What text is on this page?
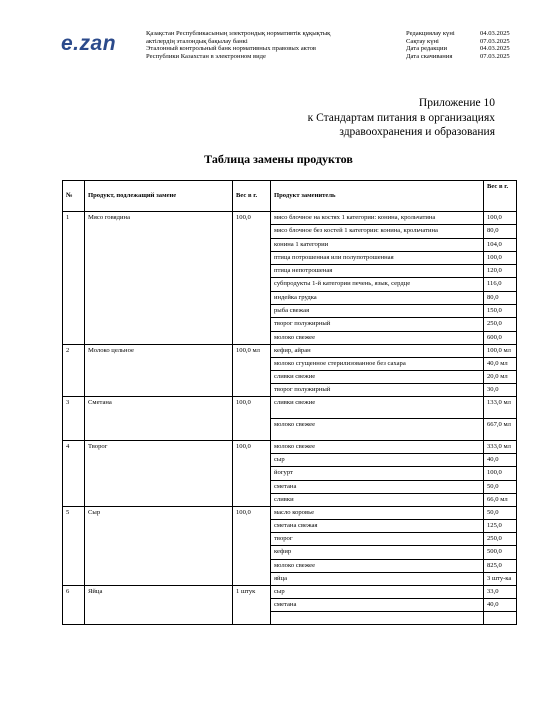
e.zan	Қазақстан Республикасының электрондық нормативтік құқықтық
актілердің эталондық бақылау банкі
Эталонный контрольный банк нормативных правовых актов
Республики Казахстан в электронном виде
Редакциялау күні	04.03.2025
Сақтау күні	07.03.2025
Дата редакции	04.03.2025
Дата скачивания	07.03.2025
Приложение 10
к Стандартам питания в организациях
здравоохранения и образования
Таблица замены продуктов
№	Продукт, подлежащий замене	Вес в г.	Продукт заменитель	Вес в г.
1	Мясо говядина	100,0	мясо блочное на костях 1 категории: конина, крольчатина	100,0
			мясо блочное без костей 1 категории: конина, крольчатина	80,0
			конина 1 категории	104,0
			птица потрошенная или полупотрошенная	100,0
			птица непотрошеная	120,0
			субпродукты 1-й категории печень, язык, сердце	116,0
			индейка грудка	80,0
			рыба свежая	150,0
			творог полужирный	250,0
			молоко свежее	600,0
2	Молоко цельное	100,0 мл	кефир, айран	100,0 мл
			молоко сгущенное стерилизованное без сахара	40,0 мл
			сливки свежие	20,0 мл
			творог полужирный	30,0
3	Сметана	100,0	сливки свежие	133,0 мл
			молоко свежее	667,0 мл
4	Творог	100,0	молоко свежее	333,0 мл
			сыр	40,0
			йогурт	100,0
			сметана	50,0
			сливки	66,0 мл
5	Сыр	100,0	масло коровье	50,0
			сметана свежая	125,0
			творог	250,0
			кефир	500,0
			молоко свежее	825,0
			яйца	3 шту-ка
6	Яйца	1 штук	сыр	33,0
			сметана	40,0
